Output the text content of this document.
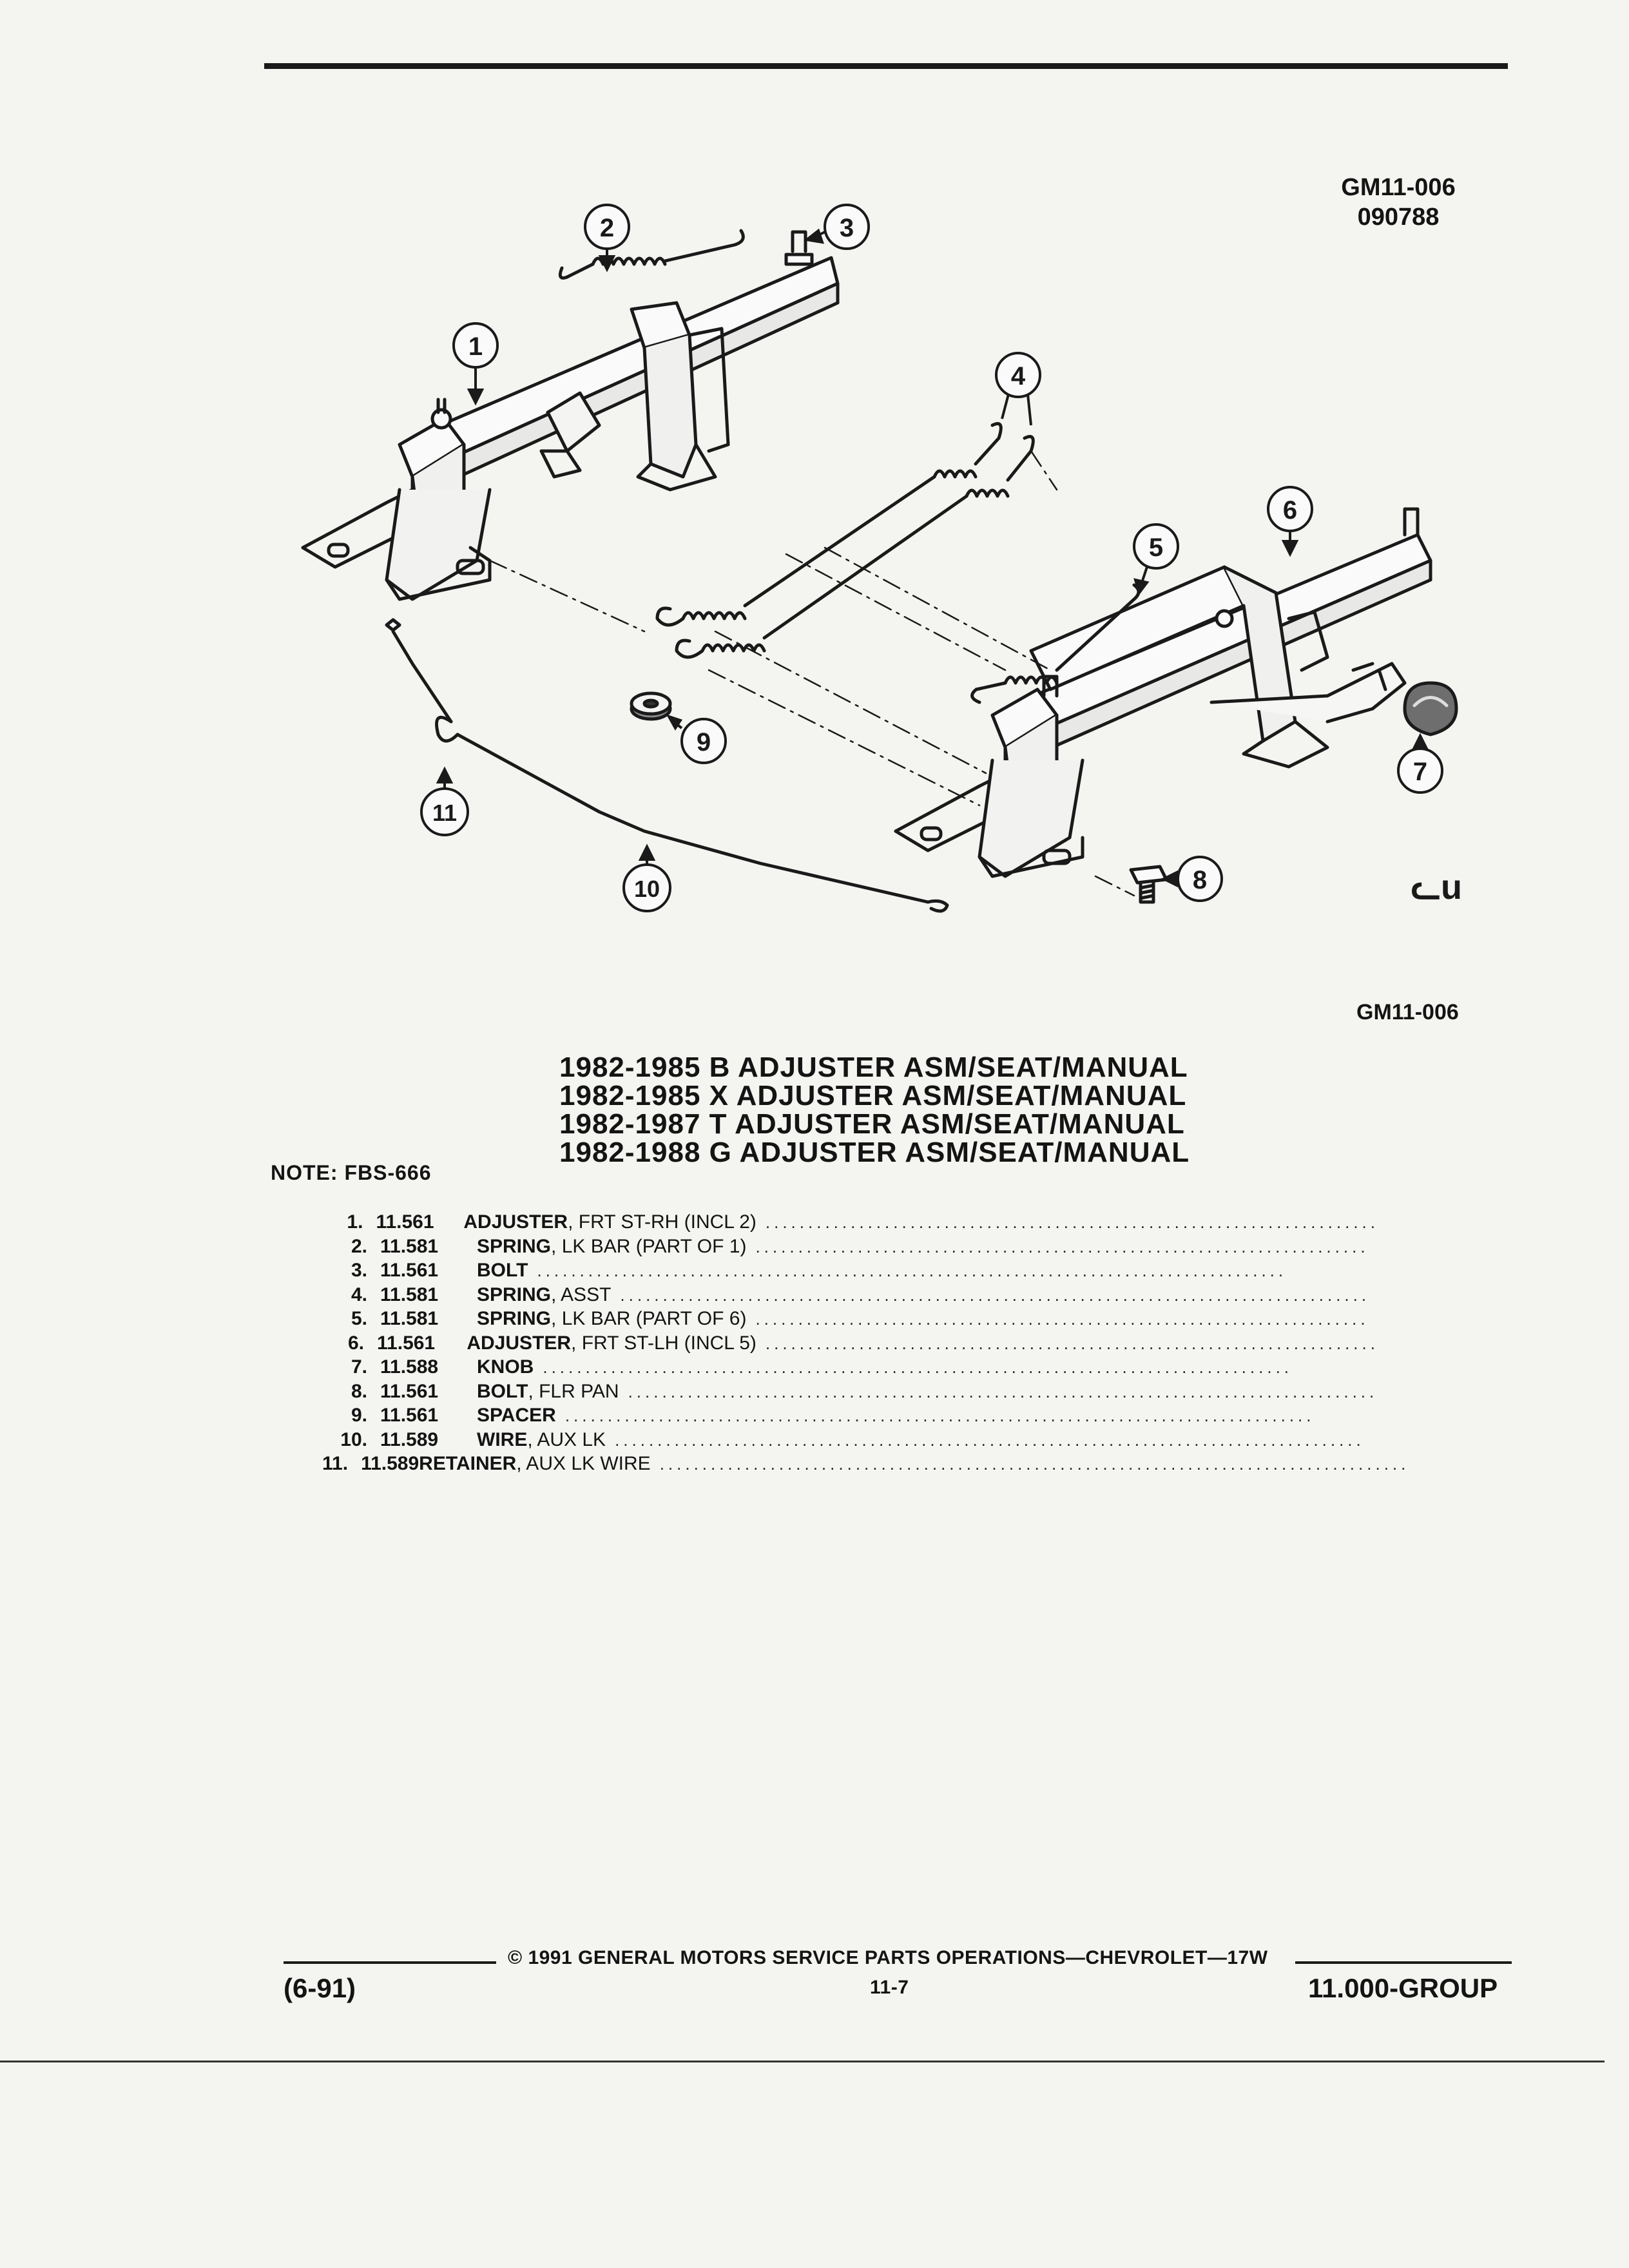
GM11-006
090788
1
2	3
4
5
6
7
8
9
10
11
ᓚu
GM11-006
1982-1985 B ADJUSTER ASM/SEAT/MANUAL
1982-1985 X ADJUSTER ASM/SEAT/MANUAL
1982-1987 T ADJUSTER ASM/SEAT/MANUAL
1982-1988 G ADJUSTER ASM/SEAT/MANUAL
NOTE: FBS-666
1. 11.561	ADJUSTER , FRT ST-RH (INCL 2) ........................................................................
2. 11.581	SPRING , LK BAR (PART OF 1) ........................................................................
3. 11.561	BOLT ........................................................................................
4. 11.581	SPRING , ASST ........................................................................................
5. 11.581	SPRING , LK BAR (PART OF 6) ........................................................................
6. 11.561	ADJUSTER , FRT ST-LH (INCL 5) ........................................................................
7. 11.588	KNOB ........................................................................................
8. 11.561	BOLT , FLR PAN ........................................................................................
9. 11.561	SPACER ........................................................................................
10. 11.589	WIRE , AUX LK ........................................................................................
11. 11.589 RETAINER , AUX LK WIRE ........................................................................................
© 1991 GENERAL MOTORS SERVICE PARTS OPERATIONS—CHEVROLET—17W
(6-91)	11-7	11.000-GROUP
